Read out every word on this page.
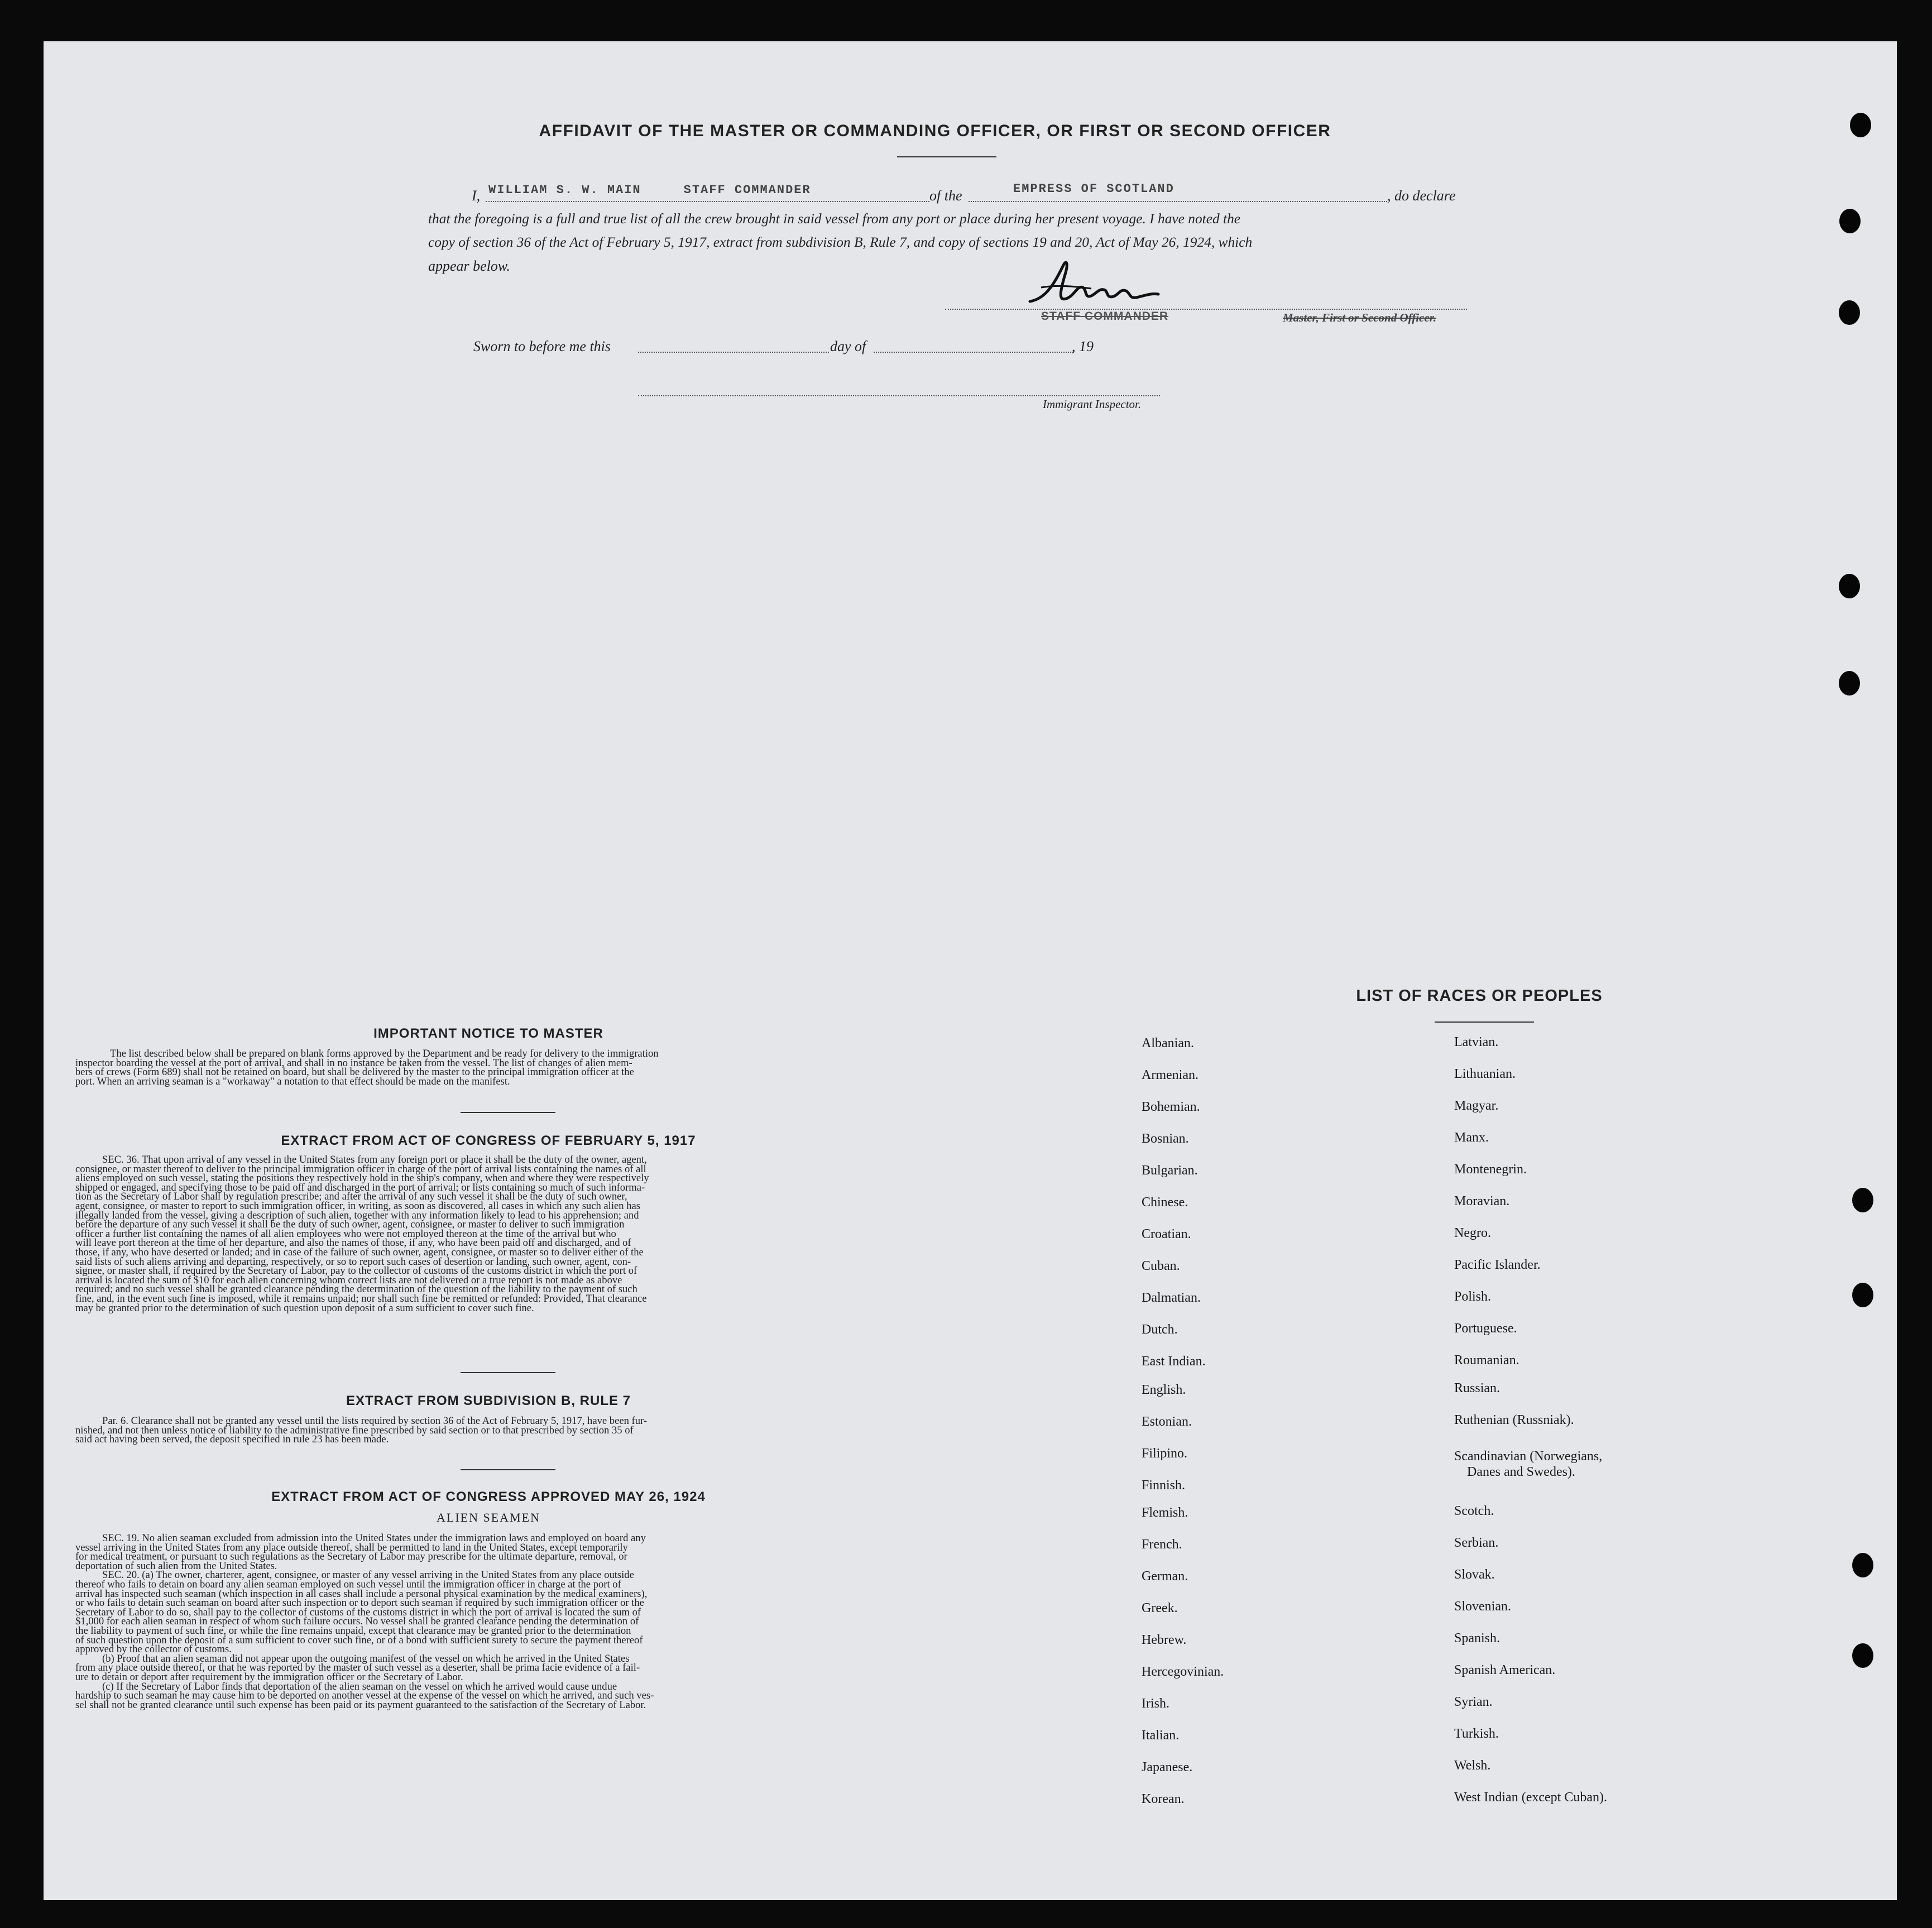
AFFIDAVIT OF THE MASTER OR COMMANDING OFFICER, OR FIRST OR SECOND OFFICER
I, WILLIAM S. W. MAIN     STAFF COMMANDER	of the	EMPRESS OF SCOTLAND	, do declare
that the foregoing is a full and true list of all the crew brought in said vessel from any port or place during her present voyage. I have noted the
copy of section 36 of the Act of February 5, 1917, extract from subdivision B, Rule 7, and copy of sections 19 and 20, Act of May 26, 1924, which
appear below.
STAFF COMMANDER	Master, First or Second Officer.
Sworn to before me this	day of	, 19
Immigrant Inspector.
IMPORTANT NOTICE TO MASTER
The list described below shall be prepared on blank forms approved by the Department and be ready for delivery to the immigration
inspector boarding the vessel at the port of arrival, and shall in no instance be taken from the vessel. The list of changes of alien mem-
bers of crews (Form 689) shall not be retained on board, but shall be delivered by the master to the principal immigration officer at the
port. When an arriving seaman is a "workaway" a notation to that effect should be made on the manifest.
EXTRACT FROM ACT OF CONGRESS OF FEBRUARY 5, 1917
SEC. 36. That upon arrival of any vessel in the United States from any foreign port or place it shall be the duty of the owner, agent,
consignee, or master thereof to deliver to the principal immigration officer in charge of the port of arrival lists containing the names of all
aliens employed on such vessel, stating the positions they respectively hold in the ship's company, when and where they were respectively
shipped or engaged, and specifying those to be paid off and discharged in the port of arrival; or lists containing so much of such informa-
tion as the Secretary of Labor shall by regulation prescribe; and after the arrival of any such vessel it shall be the duty of such owner,
agent, consignee, or master to report to such immigration officer, in writing, as soon as discovered, all cases in which any such alien has
illegally landed from the vessel, giving a description of such alien, together with any information likely to lead to his apprehension; and
before the departure of any such vessel it shall be the duty of such owner, agent, consignee, or master to deliver to such immigration
officer a further list containing the names of all alien employees who were not employed thereon at the time of the arrival but who
will leave port thereon at the time of her departure, and also the names of those, if any, who have been paid off and discharged, and of
those, if any, who have deserted or landed; and in case of the failure of such owner, agent, consignee, or master so to deliver either of the
said lists of such aliens arriving and departing, respectively, or so to report such cases of desertion or landing, such owner, agent, con-
signee, or master shall, if required by the Secretary of Labor, pay to the collector of customs of the customs district in which the port of
arrival is located the sum of $10 for each alien concerning whom correct lists are not delivered or a true report is not made as above
required; and no such vessel shall be granted clearance pending the determination of the question of the liability to the payment of such
fine, and, in the event such fine is imposed, while it remains unpaid; nor shall such fine be remitted or refunded: Provided, That clearance
may be granted prior to the determination of such question upon deposit of a sum sufficient to cover such fine.
EXTRACT FROM SUBDIVISION B, RULE 7
Par. 6. Clearance shall not be granted any vessel until the lists required by section 36 of the Act of February 5, 1917, have been fur-
nished, and not then unless notice of liability to the administrative fine prescribed by said section or to that prescribed by section 35 of
said act having been served, the deposit specified in rule 23 has been made.
EXTRACT FROM ACT OF CONGRESS APPROVED MAY 26, 1924
ALIEN SEAMEN
SEC. 19. No alien seaman excluded from admission into the United States under the immigration laws and employed on board any
vessel arriving in the United States from any place outside thereof, shall be permitted to land in the United States, except temporarily
for medical treatment, or pursuant to such regulations as the Secretary of Labor may prescribe for the ultimate departure, removal, or
deportation of such alien from the United States.
SEC. 20. (a) The owner, charterer, agent, consignee, or master of any vessel arriving in the United States from any place outside
thereof who fails to detain on board any alien seaman employed on such vessel until the immigration officer in charge at the port of
arrival has inspected such seaman (which inspection in all cases shall include a personal physical examination by the medical examiners),
or who fails to detain such seaman on board after such inspection or to deport such seaman if required by such immigration officer or the
Secretary of Labor to do so, shall pay to the collector of customs of the customs district in which the port of arrival is located the sum of
$1,000 for each alien seaman in respect of whom such failure occurs. No vessel shall be granted clearance pending the determination of
the liability to payment of such fine, or while the fine remains unpaid, except that clearance may be granted prior to the determination
of such question upon the deposit of a sum sufficient to cover such fine, or of a bond with sufficient surety to secure the payment thereof
approved by the collector of customs.
(b) Proof that an alien seaman did not appear upon the outgoing manifest of the vessel on which he arrived in the United States
from any place outside thereof, or that he was reported by the master of such vessel as a deserter, shall be prima facie evidence of a fail-
ure to detain or deport after requirement by the immigration officer or the Secretary of Labor.
(c) If the Secretary of Labor finds that deportation of the alien seaman on the vessel on which he arrived would cause undue
hardship to such seaman he may cause him to be deported on another vessel at the expense of the vessel on which he arrived, and such ves-
sel shall not be granted clearance until such expense has been paid or its payment guaranteed to the satisfaction of the Secretary of Labor.
LIST OF RACES OR PEOPLES
Albanian.
Armenian.
Bohemian.
Bosnian.
Bulgarian.
Chinese.
Croatian.
Cuban.
Dalmatian.
Dutch.
East Indian.
English.
Estonian.
Filipino.
Finnish.
Flemish.
French.
German.
Greek.
Hebrew.
Hercegovinian.
Irish.
Italian.
Japanese.
Korean.
Latvian.
Lithuanian.
Magyar.
Manx.
Montenegrin.
Moravian.
Negro.
Pacific Islander.
Polish.
Portuguese.
Roumanian.
Russian.
Ruthenian (Russniak).
Scandinavian (Norwegians,
Danes and Swedes).
Scotch.
Serbian.
Slovak.
Slovenian.
Spanish.
Spanish American.
Syrian.
Turkish.
Welsh.
West Indian (except Cuban).
